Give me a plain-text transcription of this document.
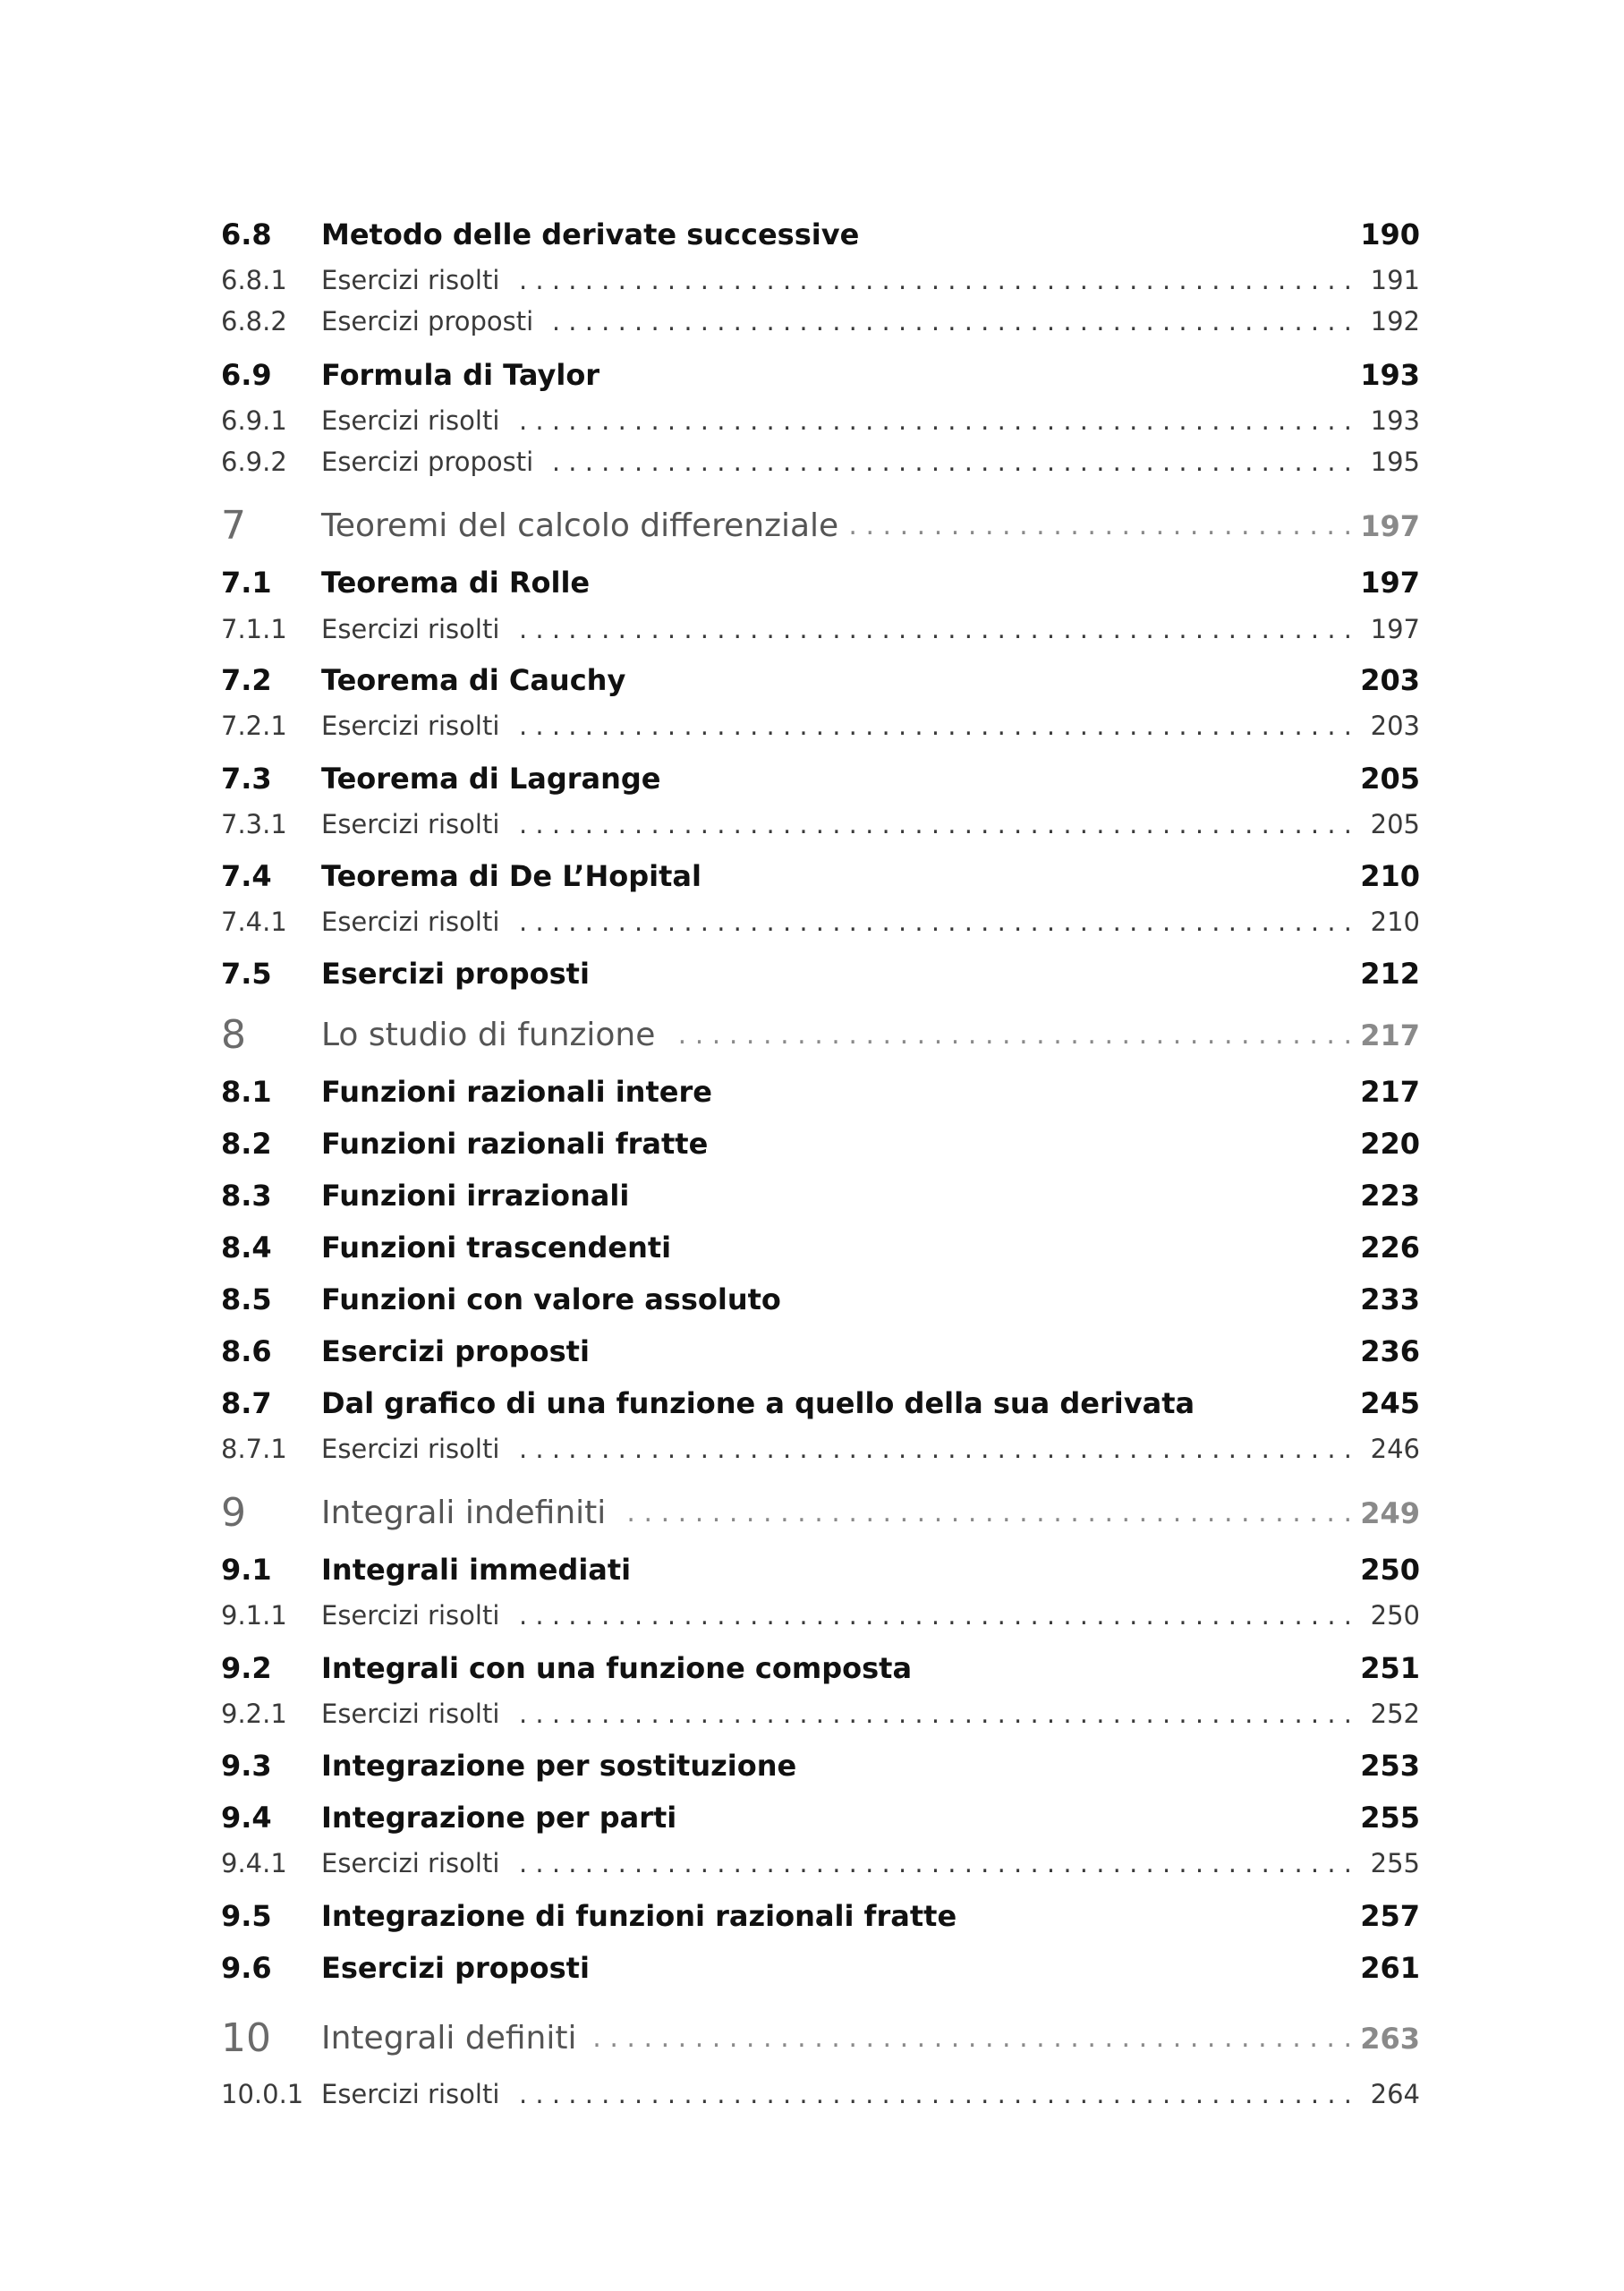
6.8 Metodo delle derivate successive	190
6.8.1 Esercizi risolti . . .	191
6.8.2 Esercizi proposti . . .	192
6.9 Formula di Taylor	193
6.9.1 Esercizi risolti . . .	193
6.9.2 Esercizi proposti . . .	195
7 Teoremi del calcolo differenziale . . .	197
7.1 Teorema di Rolle	197
7.1.1 Esercizi risolti . . .	197
7.2 Teorema di Cauchy	203
7.2.1 Esercizi risolti . . .	203
7.3 Teorema di Lagrange	205
7.3.1 Esercizi risolti . . .	205
7.4 Teorema di De L’Hopital	210
7.4.1 Esercizi risolti . . .	210
7.5 Esercizi proposti	212
8 Lo studio di funzione . . .	217
8.1 Funzioni razionali intere	217
8.2 Funzioni razionali fratte	220
8.3 Funzioni irrazionali	223
8.4 Funzioni trascendenti	226
8.5 Funzioni con valore assoluto	233
8.6 Esercizi proposti	236
8.7 Dal grafico di una funzione a quello della sua derivata	245
8.7.1 Esercizi risolti . . .	246
9 Integrali indefiniti . . .	249
9.1 Integrali immediati	250
9.1.1 Esercizi risolti . . .	250
9.2 Integrali con una funzione composta	251
9.2.1 Esercizi risolti . . .	252
9.3 Integrazione per sostituzione	253
9.4 Integrazione per parti	255
9.4.1 Esercizi risolti . . .	255
9.5 Integrazione di funzioni razionali fratte	257
9.6 Esercizi proposti	261
10 Integrali definiti . . .	263
10.0.1 Esercizi risolti . . .	264
